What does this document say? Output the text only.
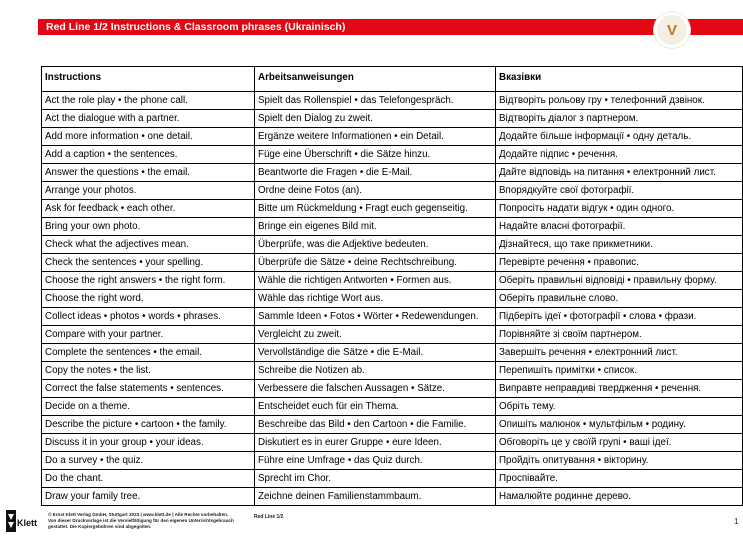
Red Line 1/2 Instructions & Classroom phrases (Ukrainisch)	V
Instructions	Arbeitsanweisungen	Вказівки
Act the role play • the phone call.	Spielt das Rollenspiel • das Telefongespräch.	Відтворіть рольову гру • телефонний дзвінок.
Act the dialogue with a partner.	Spielt den Dialog zu zweit.	Відтворіть діалог з партнером.
Add more information • one detail.	Ergänze weitere Informationen • ein Detail.	Додайте більше інформації • одну деталь.
Add a caption • the sentences.	Füge eine Überschrift • die Sätze hinzu.	Додайте підпис • речення.
Answer the questions • the email.	Beantworte die Fragen • die E-Mail.	Дайте відповідь на питання • електронний лист.
Arrange your photos.	Ordne deine Fotos (an).	Впорядкуйте свої фотографії.
Ask for feedback • each other.	Bitte um Rückmeldung • Fragt euch gegenseitig.	Попросіть надати відгук • один одного.
Bring your own photo.	Bringe ein eigenes Bild mit.	Надайте власні фотографії.
Check what the adjectives mean.	Überprüfe, was die Adjektive bedeuten.	Дізнайтеся, що таке прикметники.
Check the sentences • your spelling.	Überprüfe die Sätze • deine Rechtschreibung.	Перевірте речення • правопис.
Choose the right answers • the right form.	Wähle die richtigen Antworten • Formen aus.	Оберіть правильні відповіді • правильну форму.
Choose the right word.	Wähle das richtige Wort aus.	Оберіть правильне слово.
Collect ideas • photos • words • phrases.	Sammle Ideen • Fotos • Wörter • Redewendungen.	Підберіть ідеї • фотографії • слова • фрази.
Compare with your partner.	Vergleicht zu zweit.	Порівняйте зі своїм партнером.
Complete the sentences • the email.	Vervollständige die Sätze • die E-Mail.	Завершіть речення • електронний лист.
Copy the notes • the list.	Schreibe die Notizen ab.	Перепишіть примітки • список.
Correct the false statements • sentences.	Verbessere die falschen Aussagen • Sätze.	Виправте неправдиві твердження • речення.
Decide on a theme.	Entscheidet euch für ein Thema.	Обріть тему.
Describe the picture • cartoon • the family.	Beschreibe das Bild • den Cartoon • die Familie.	Опишіть малюнок • мультфільм • родину.
Discuss it in your group • your ideas.	Diskutiert es in eurer Gruppe • eure Ideen.	Обговоріть це у своїй групі • ваші ідеї.
Do a survey • the quiz.	Führe eine Umfrage • das Quiz durch.	Пройдіть опитування • вікторину.
Do the chant.	Sprecht im Chor.	Проспівайте.
Draw your family tree.	Zeichne deinen Familienstammbaum.	Намалюйте родинне дерево.
Klett
© Ernst Klett Verlag GmbH, Stuttgart 2023 | www.klett.de | Alle Rechte vorbehalten.
Von dieser Druckvorlage ist die Vervielfältigung für den eigenen Unterrichtsgebrauch
gestattet. Die Kopiergebühren sind abgegolten.
Red Line 1/2	1
